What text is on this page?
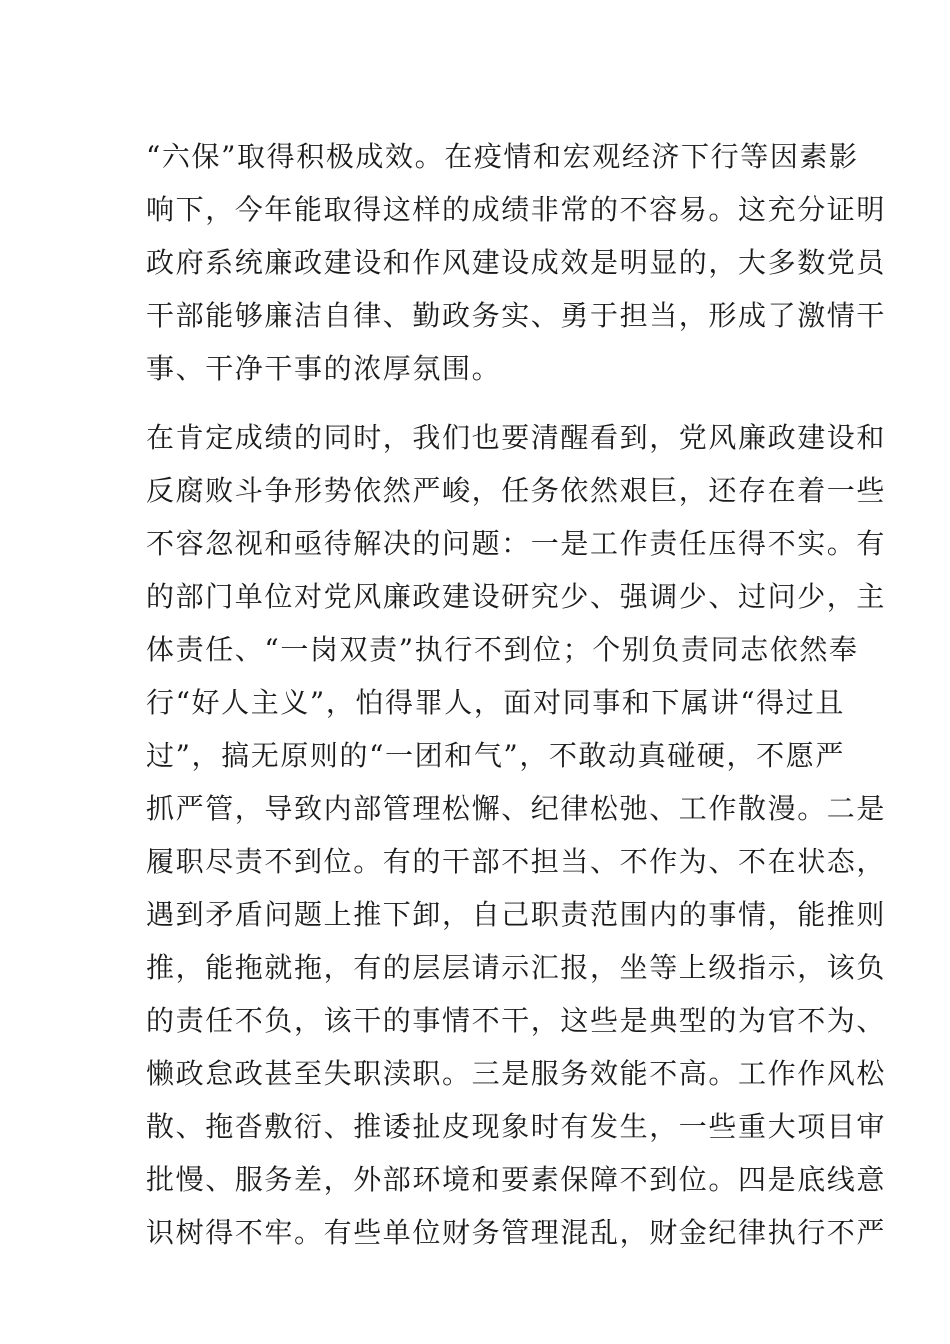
“六保”取得积极成效。在疫情和宏观经济下行等因素影
响下，今年能取得这样的成绩非常的不容易。这充分证明
政府系统廉政建设和作风建设成效是明显的，大多数党员
干部能够廉洁自律、勤政务实、勇于担当，形成了激情干
事、干净干事的浓厚氛围。

在肯定成绩的同时，我们也要清醒看到，党风廉政建设和
反腐败斗争形势依然严峻，任务依然艰巨，还存在着一些
不容忽视和亟待解决的问题：一是工作责任压得不实。有
的部门单位对党风廉政建设研究少、强调少、过问少，主
体责任、“一岗双责”执行不到位；个别负责同志依然奉
行“好人主义”，怕得罪人，面对同事和下属讲“得过且
过”，搞无原则的“一团和气”，不敢动真碰硬，不愿严
抓严管，导致内部管理松懈、纪律松弛、工作散漫。二是
履职尽责不到位。有的干部不担当、不作为、不在状态，
遇到矛盾问题上推下卸，自己职责范围内的事情，能推则
推，能拖就拖，有的层层请示汇报，坐等上级指示，该负
的责任不负，该干的事情不干，这些是典型的为官不为、
懒政怠政甚至失职渎职。三是服务效能不高。工作作风松
散、拖沓敷衍、推诿扯皮现象时有发生，一些重大项目审
批慢、服务差，外部环境和要素保障不到位。四是底线意
识树得不牢。有些单位财务管理混乱，财金纪律执行不严
